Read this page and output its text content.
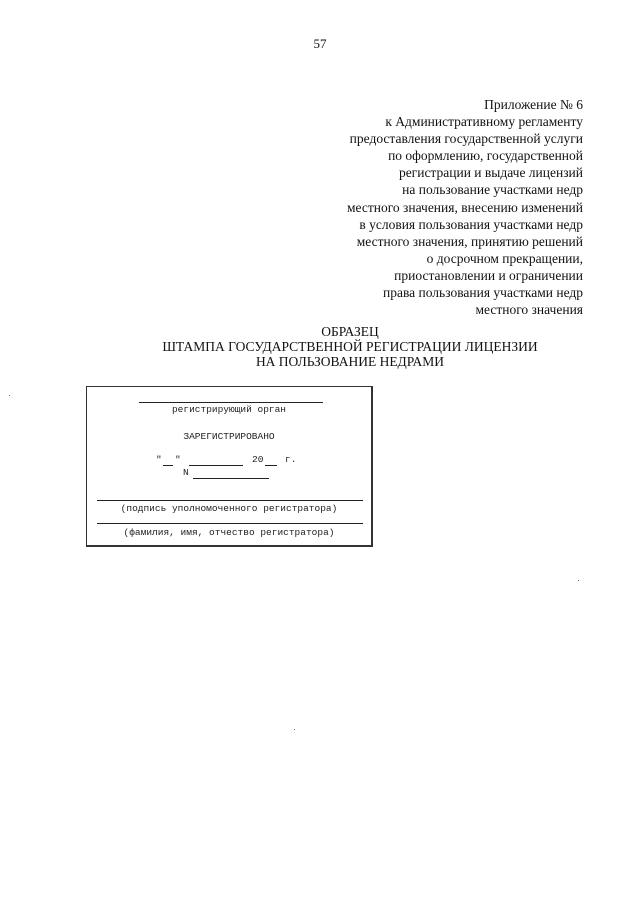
57
Приложение № 6
к Административному регламенту
предоставления государственной услуги
по оформлению, государственной
регистрации и выдаче лицензий
на пользование участками недр
местного значения, внесению изменений
в условия пользования участками недр
местного значения, принятию решений
о досрочном прекращении,
приостановлении и ограничении
права пользования участками недр
местного значения
ОБРАЗЕЦ
ШТАМПА ГОСУДАРСТВЕННОЙ РЕГИСТРАЦИИ ЛИЦЕНЗИИ
НА ПОЛЬЗОВАНИЕ НЕДРАМИ
регистрирующий орган
ЗАРЕГИСТРИРОВАНО
" "	20 г.
N
(подпись уполномоченного регистратора)
(фамилия, имя, отчество регистратора)
